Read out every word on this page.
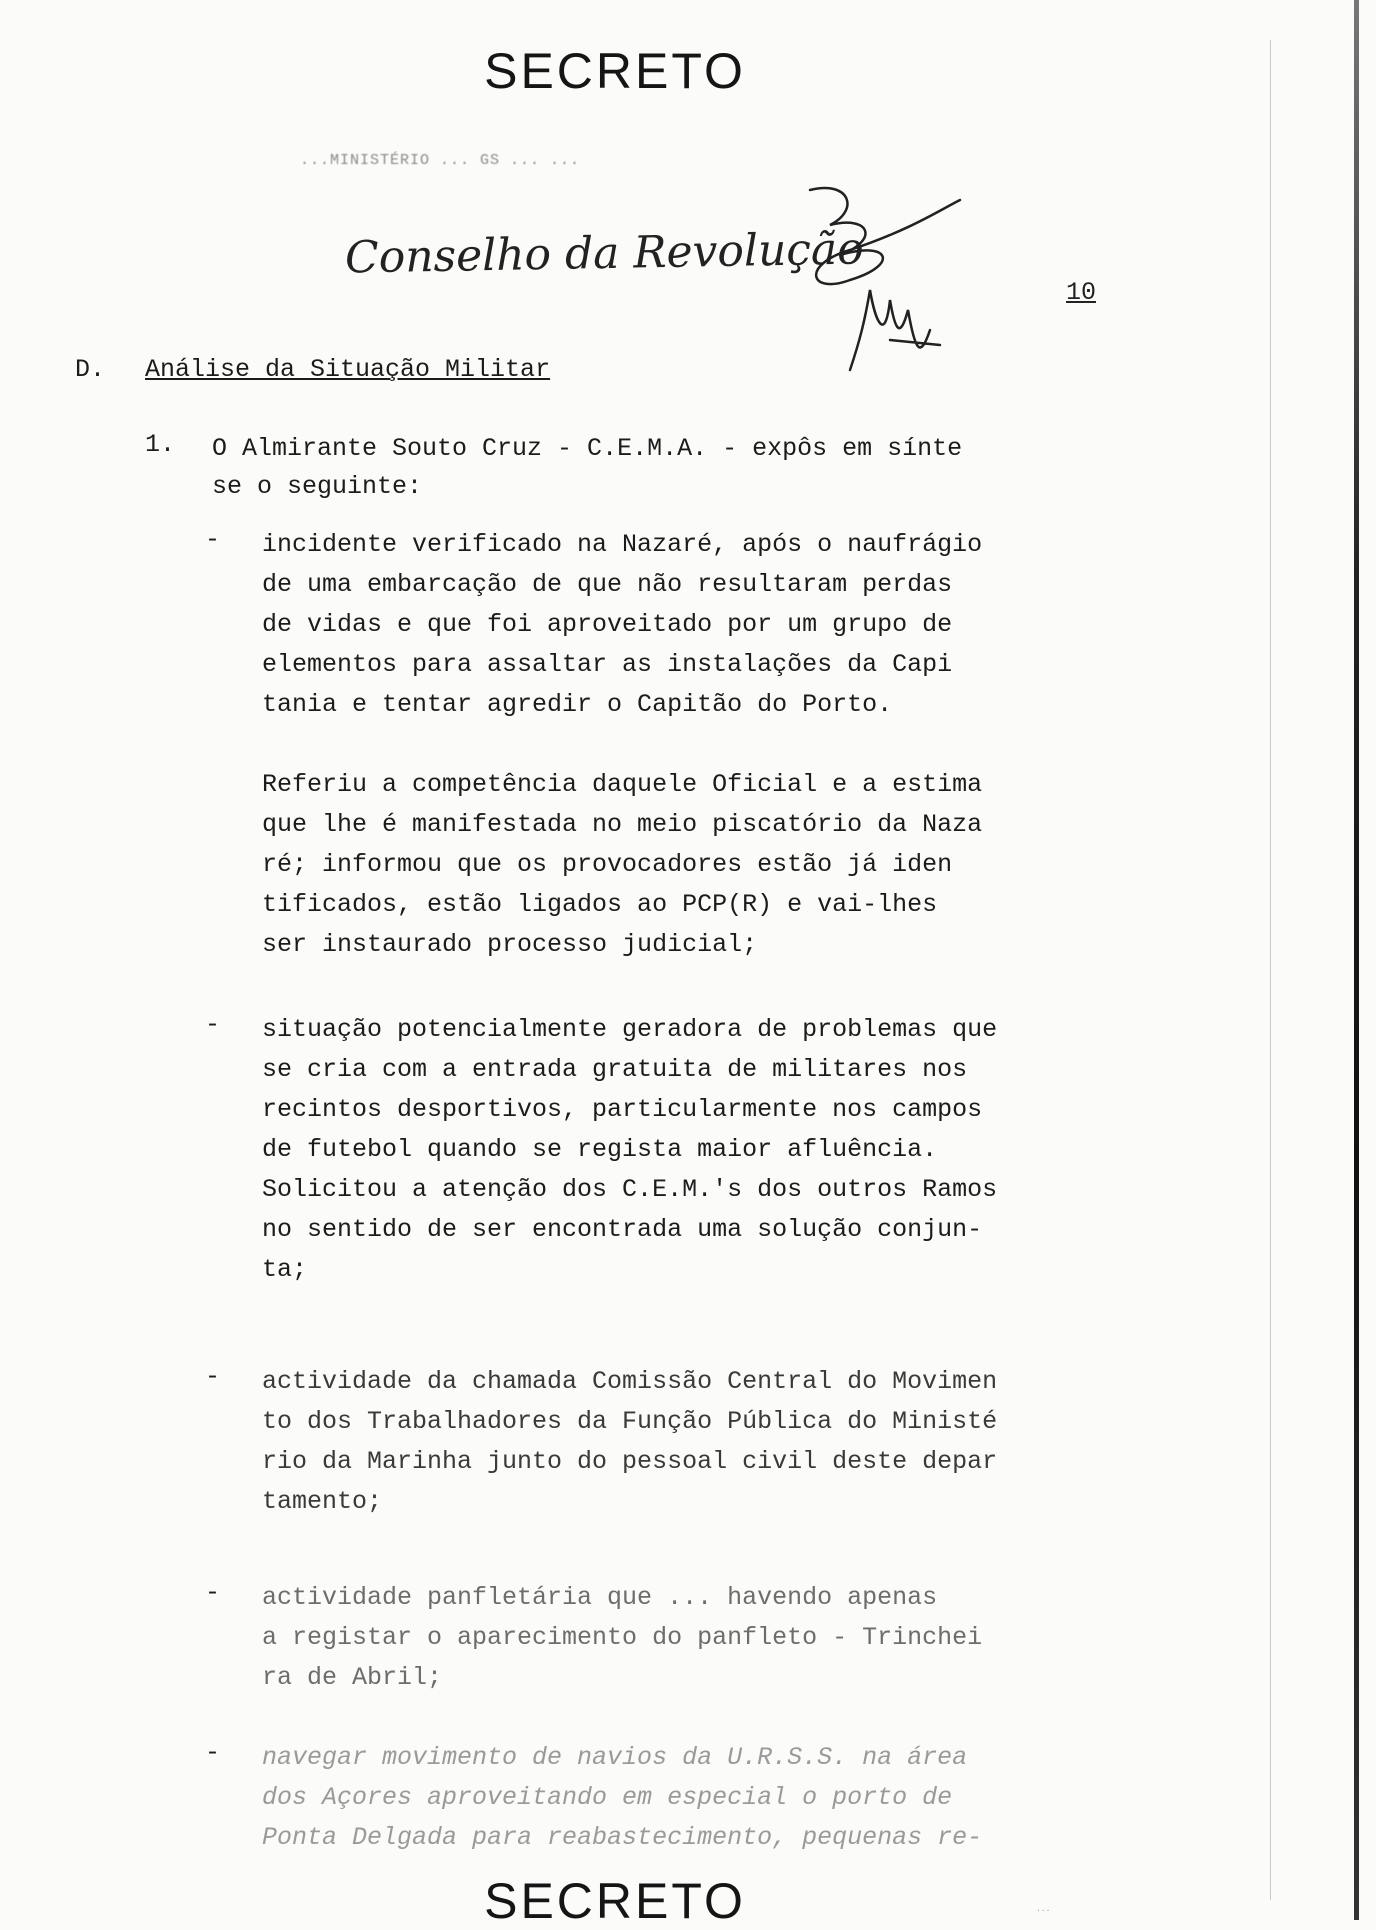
SECRETO
...MINISTÉRIO ... GS ... ...
Conselho da Revolução
10
D. Análise da Situação Militar
1. O Almirante Souto Cruz - C.E.M.A. - expôs em sínte
se o seguinte:
- incidente verificado na Nazaré, após o naufrágio
de uma embarcação de que não resultaram perdas
de vidas e que foi aproveitado por um grupo de
elementos para assaltar as instalações da Capi
tania e tentar agredir o Capitão do Porto.
Referiu a competência daquele Oficial e a estima
que lhe é manifestada no meio piscatório da Naza
ré; informou que os provocadores estão já iden
tificados, estão ligados ao PCP(R) e vai-lhes
ser instaurado processo judicial;
- situação potencialmente geradora de problemas que
se cria com a entrada gratuita de militares nos
recintos desportivos, particularmente nos campos
de futebol quando se regista maior afluência.
Solicitou a atenção dos C.E.M.'s dos outros Ramos
no sentido de ser encontrada uma solução conjun-
ta;
- actividade da chamada Comissão Central do Movimen
to dos Trabalhadores da Função Pública do Ministé
rio da Marinha junto do pessoal civil deste depar
tamento;
- actividade panfletária que ... havendo apenas
a registar o aparecimento do panfleto - Trinchei
ra de Abril;
- navegar movimento de navios da U.R.S.S. na área
dos Açores aproveitando em especial o porto de
Ponta Delgada para reabastecimento, pequenas re-
SECRETO	...
